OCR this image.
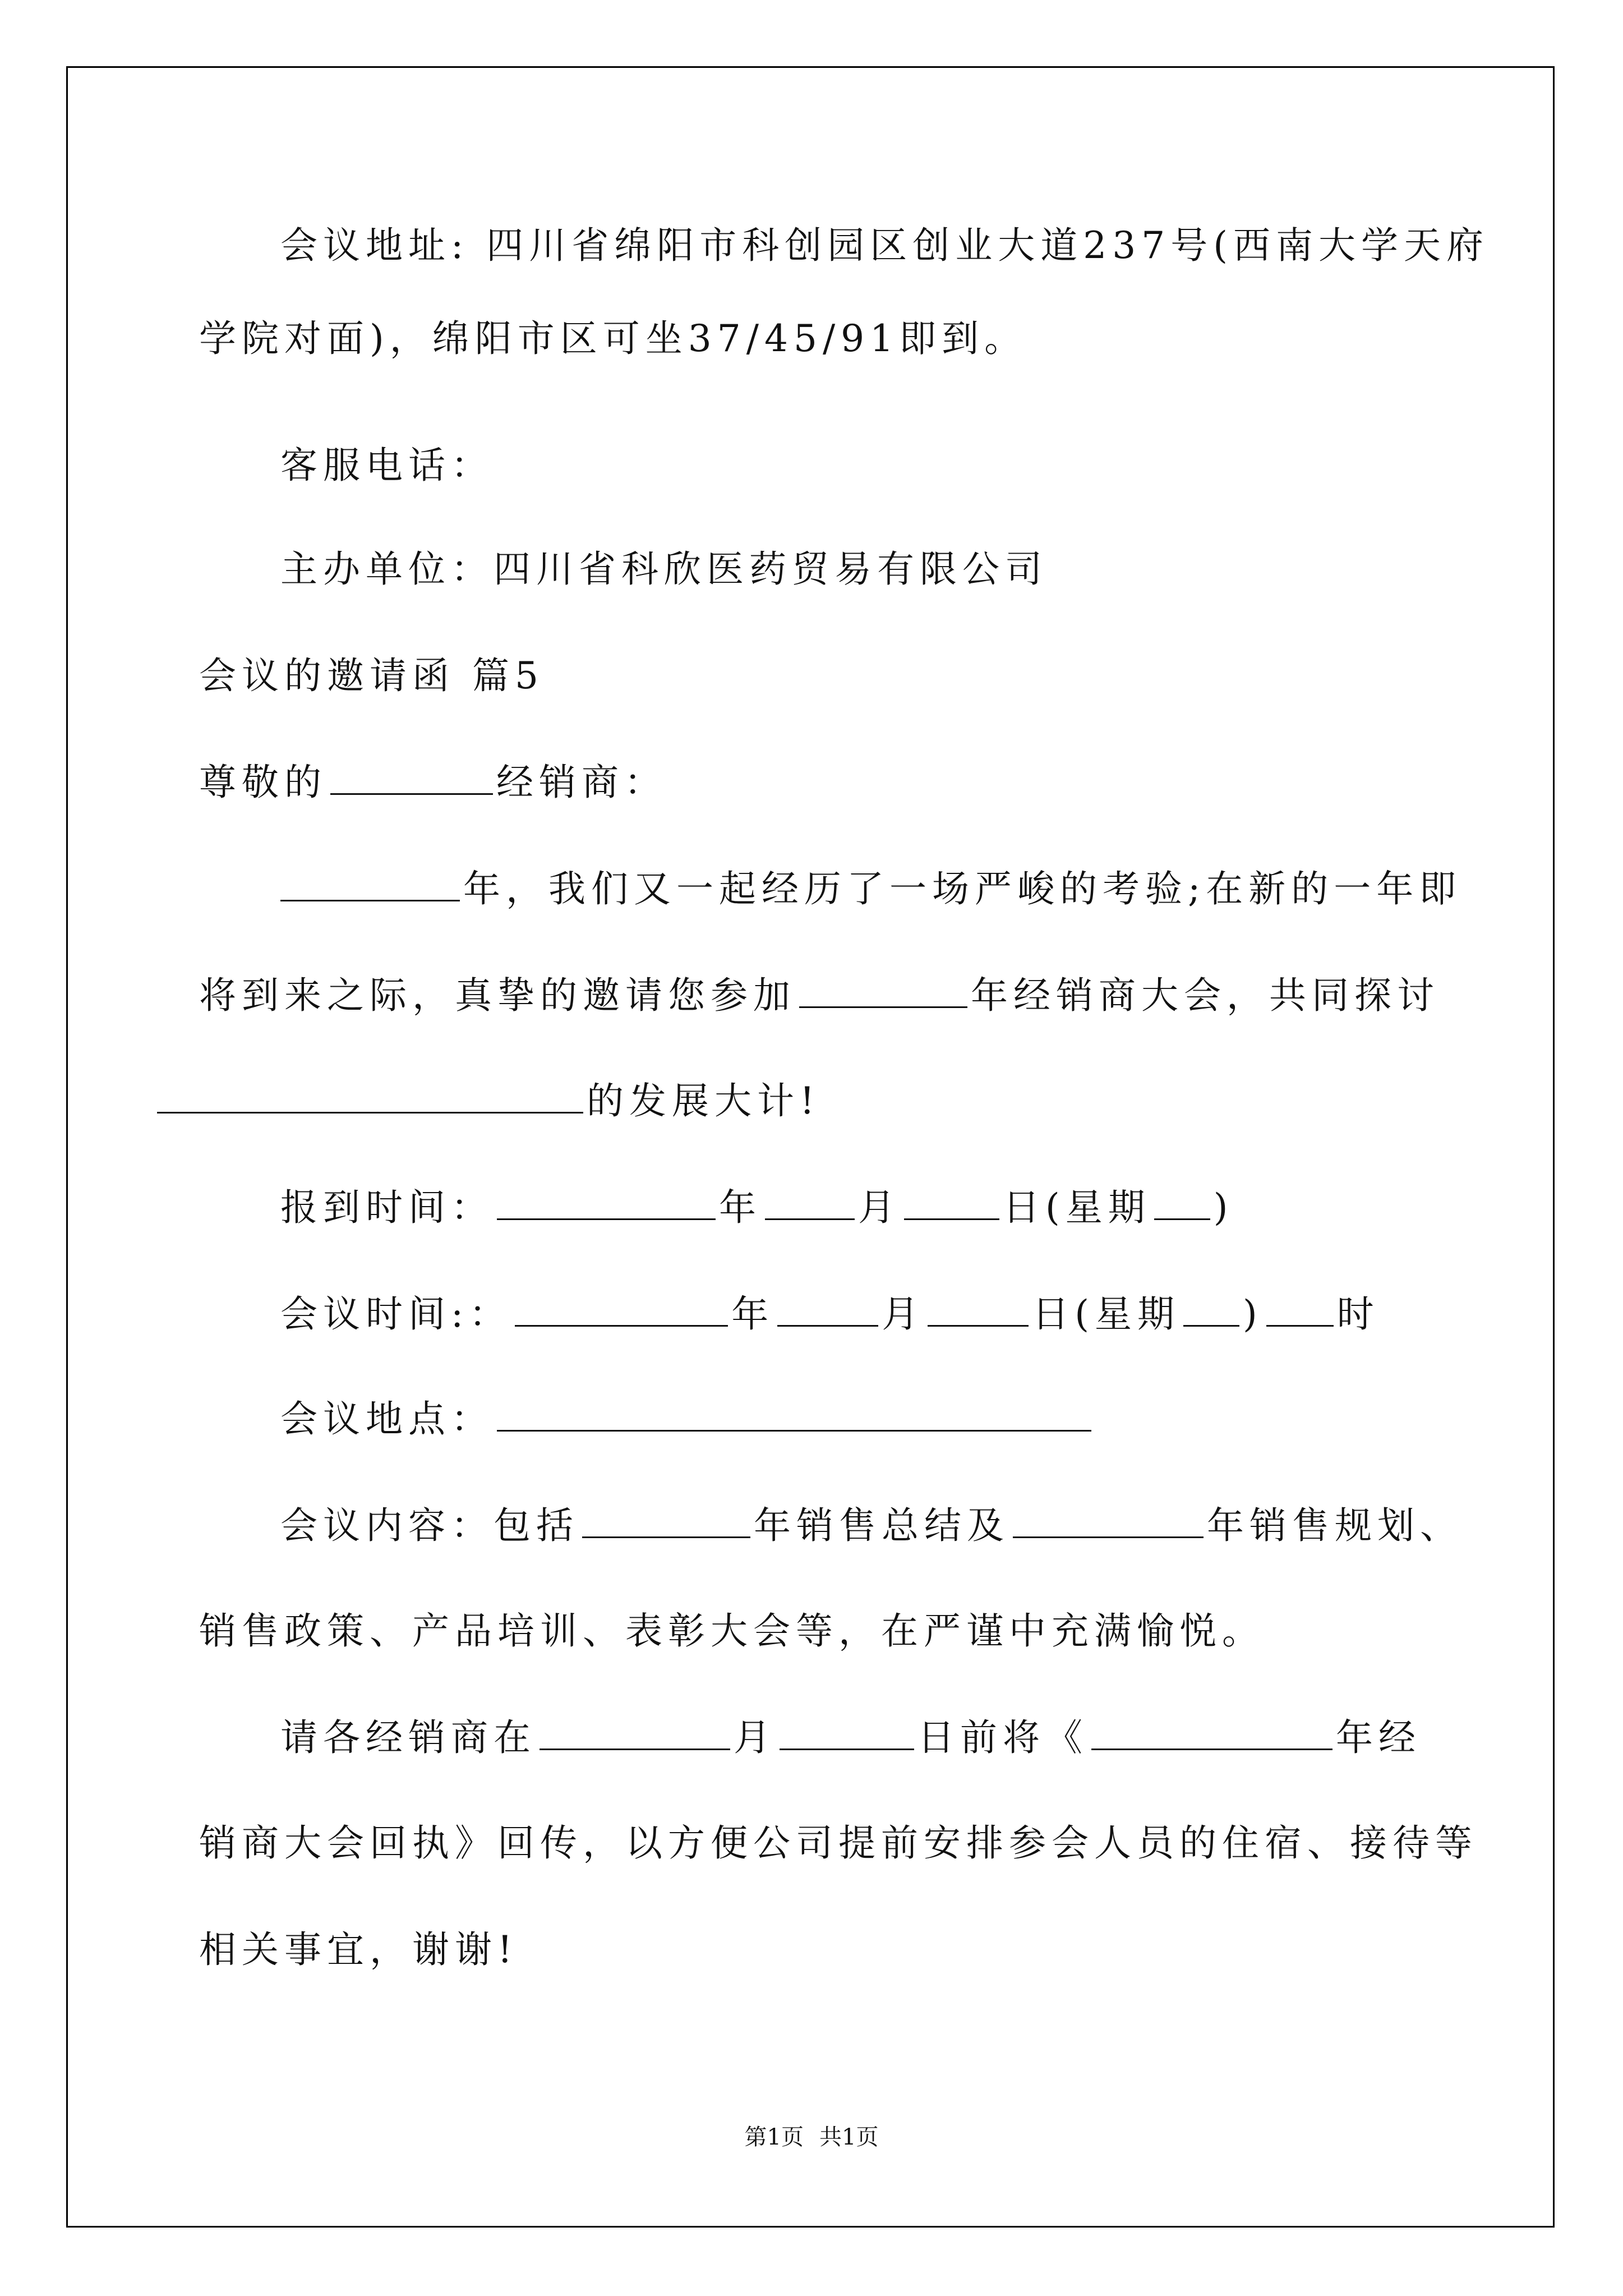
会议地址: 四川省绵阳市科创园区创业大道237号(西南大学天府
学院对面)，绵阳市区可坐37/45/91即到。
客服电话：
主办单位：四川省科欣医药贸易有限公司
会议的邀请函 篇5
尊敬的	经销商：
年，我们又一起经历了一场严峻的考验;在新的一年即
将到来之际，真挚的邀请您参加	年经销商大会，共同探讨
的发展大计!
报到时间：	年	月	日(星期 )
会议时间:：	年	月	日(星期 ) 时
会议地点：
会议内容：包括	年销售总结及	年销售规划、
销售政策、产品培训、表彰大会等，在严谨中充满愉悦。
请各经销商在	月	日前将《	年经
销商大会回执》回传，以方便公司提前安排参会人员的住宿、接待等
相关事宜，谢谢!
第1页 共1页
